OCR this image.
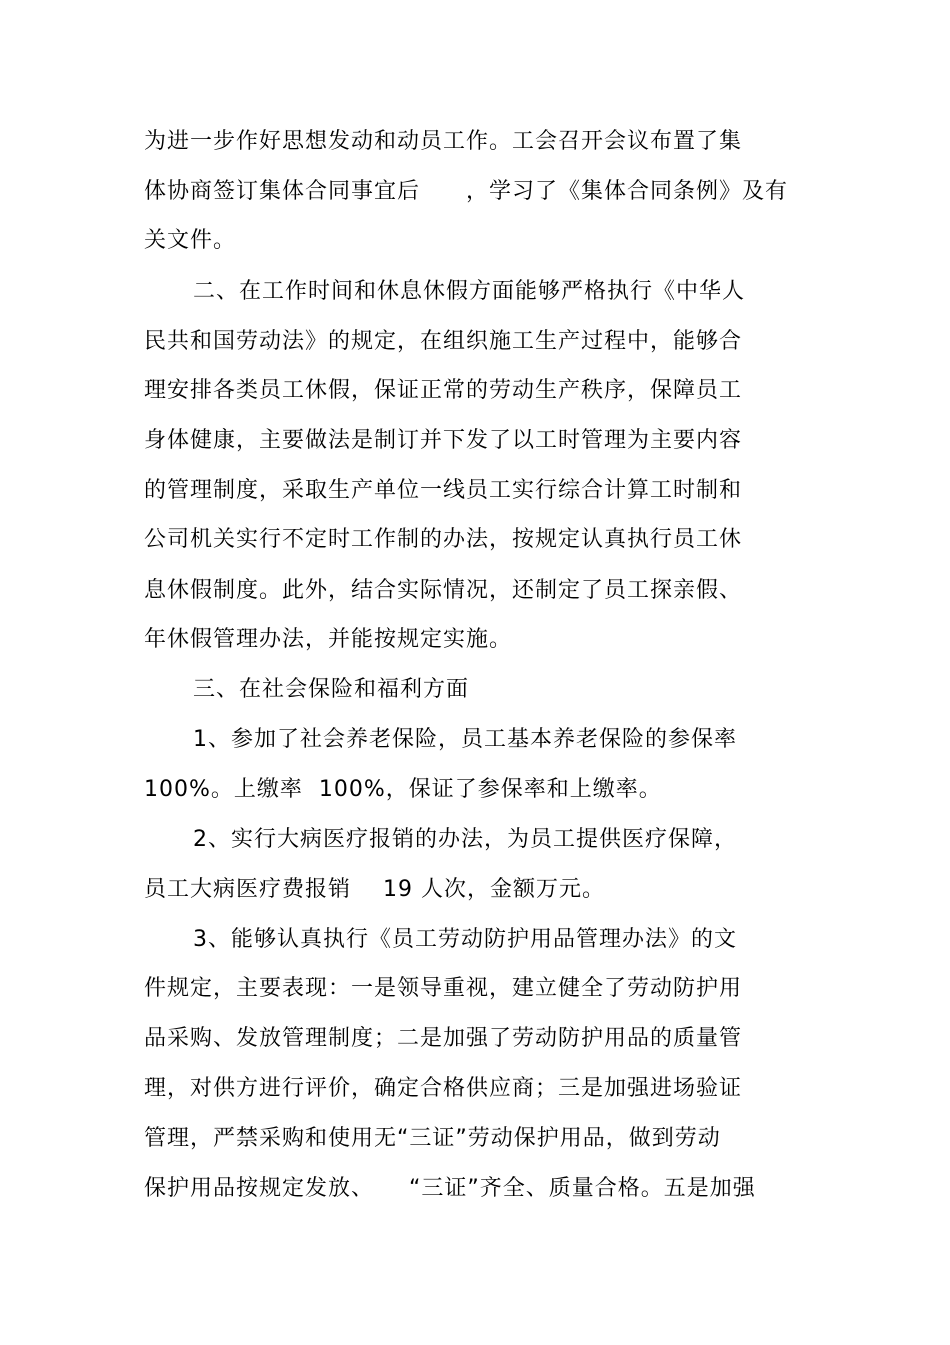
为进一步作好思想发动和动员工作。工会召开会议布置了集
体协商签订集体合同事宜后　　，学习了《集体合同条例》及有
关文件。
二、在工作时间和休息休假方面能够严格执行《中华人
民共和国劳动法》的规定，在组织施工生产过程中，能够合
理安排各类员工休假，保证正常的劳动生产秩序，保障员工
身体健康，主要做法是制订并下发了以工时管理为主要内容
的管理制度，采取生产单位一线员工实行综合计算工时制和
公司机关实行不定时工作制的办法，按规定认真执行员工休
息休假制度。此外，结合实际情况，还制定了员工探亲假、
年休假管理办法，并能按规定实施。
三、在社会保险和福利方面
1、参加了社会养老保险，员工基本养老保险的参保率
100%。上缴率  100%，保证了参保率和上缴率。
2、实行大病医疗报销的办法，为员工提供医疗保障，
员工大病医疗费报销    19 人次，金额万元。
3、能够认真执行《员工劳动防护用品管理办法》的文
件规定，主要表现：一是领导重视，建立健全了劳动防护用
品采购、发放管理制度；二是加强了劳动防护用品的质量管
理，对供方进行评价，确定合格供应商；三是加强进场验证
管理，严禁采购和使用无“三证”劳动保护用品，做到劳动
保护用品按规定发放、　　“三证”齐全、质量合格。五是加强
